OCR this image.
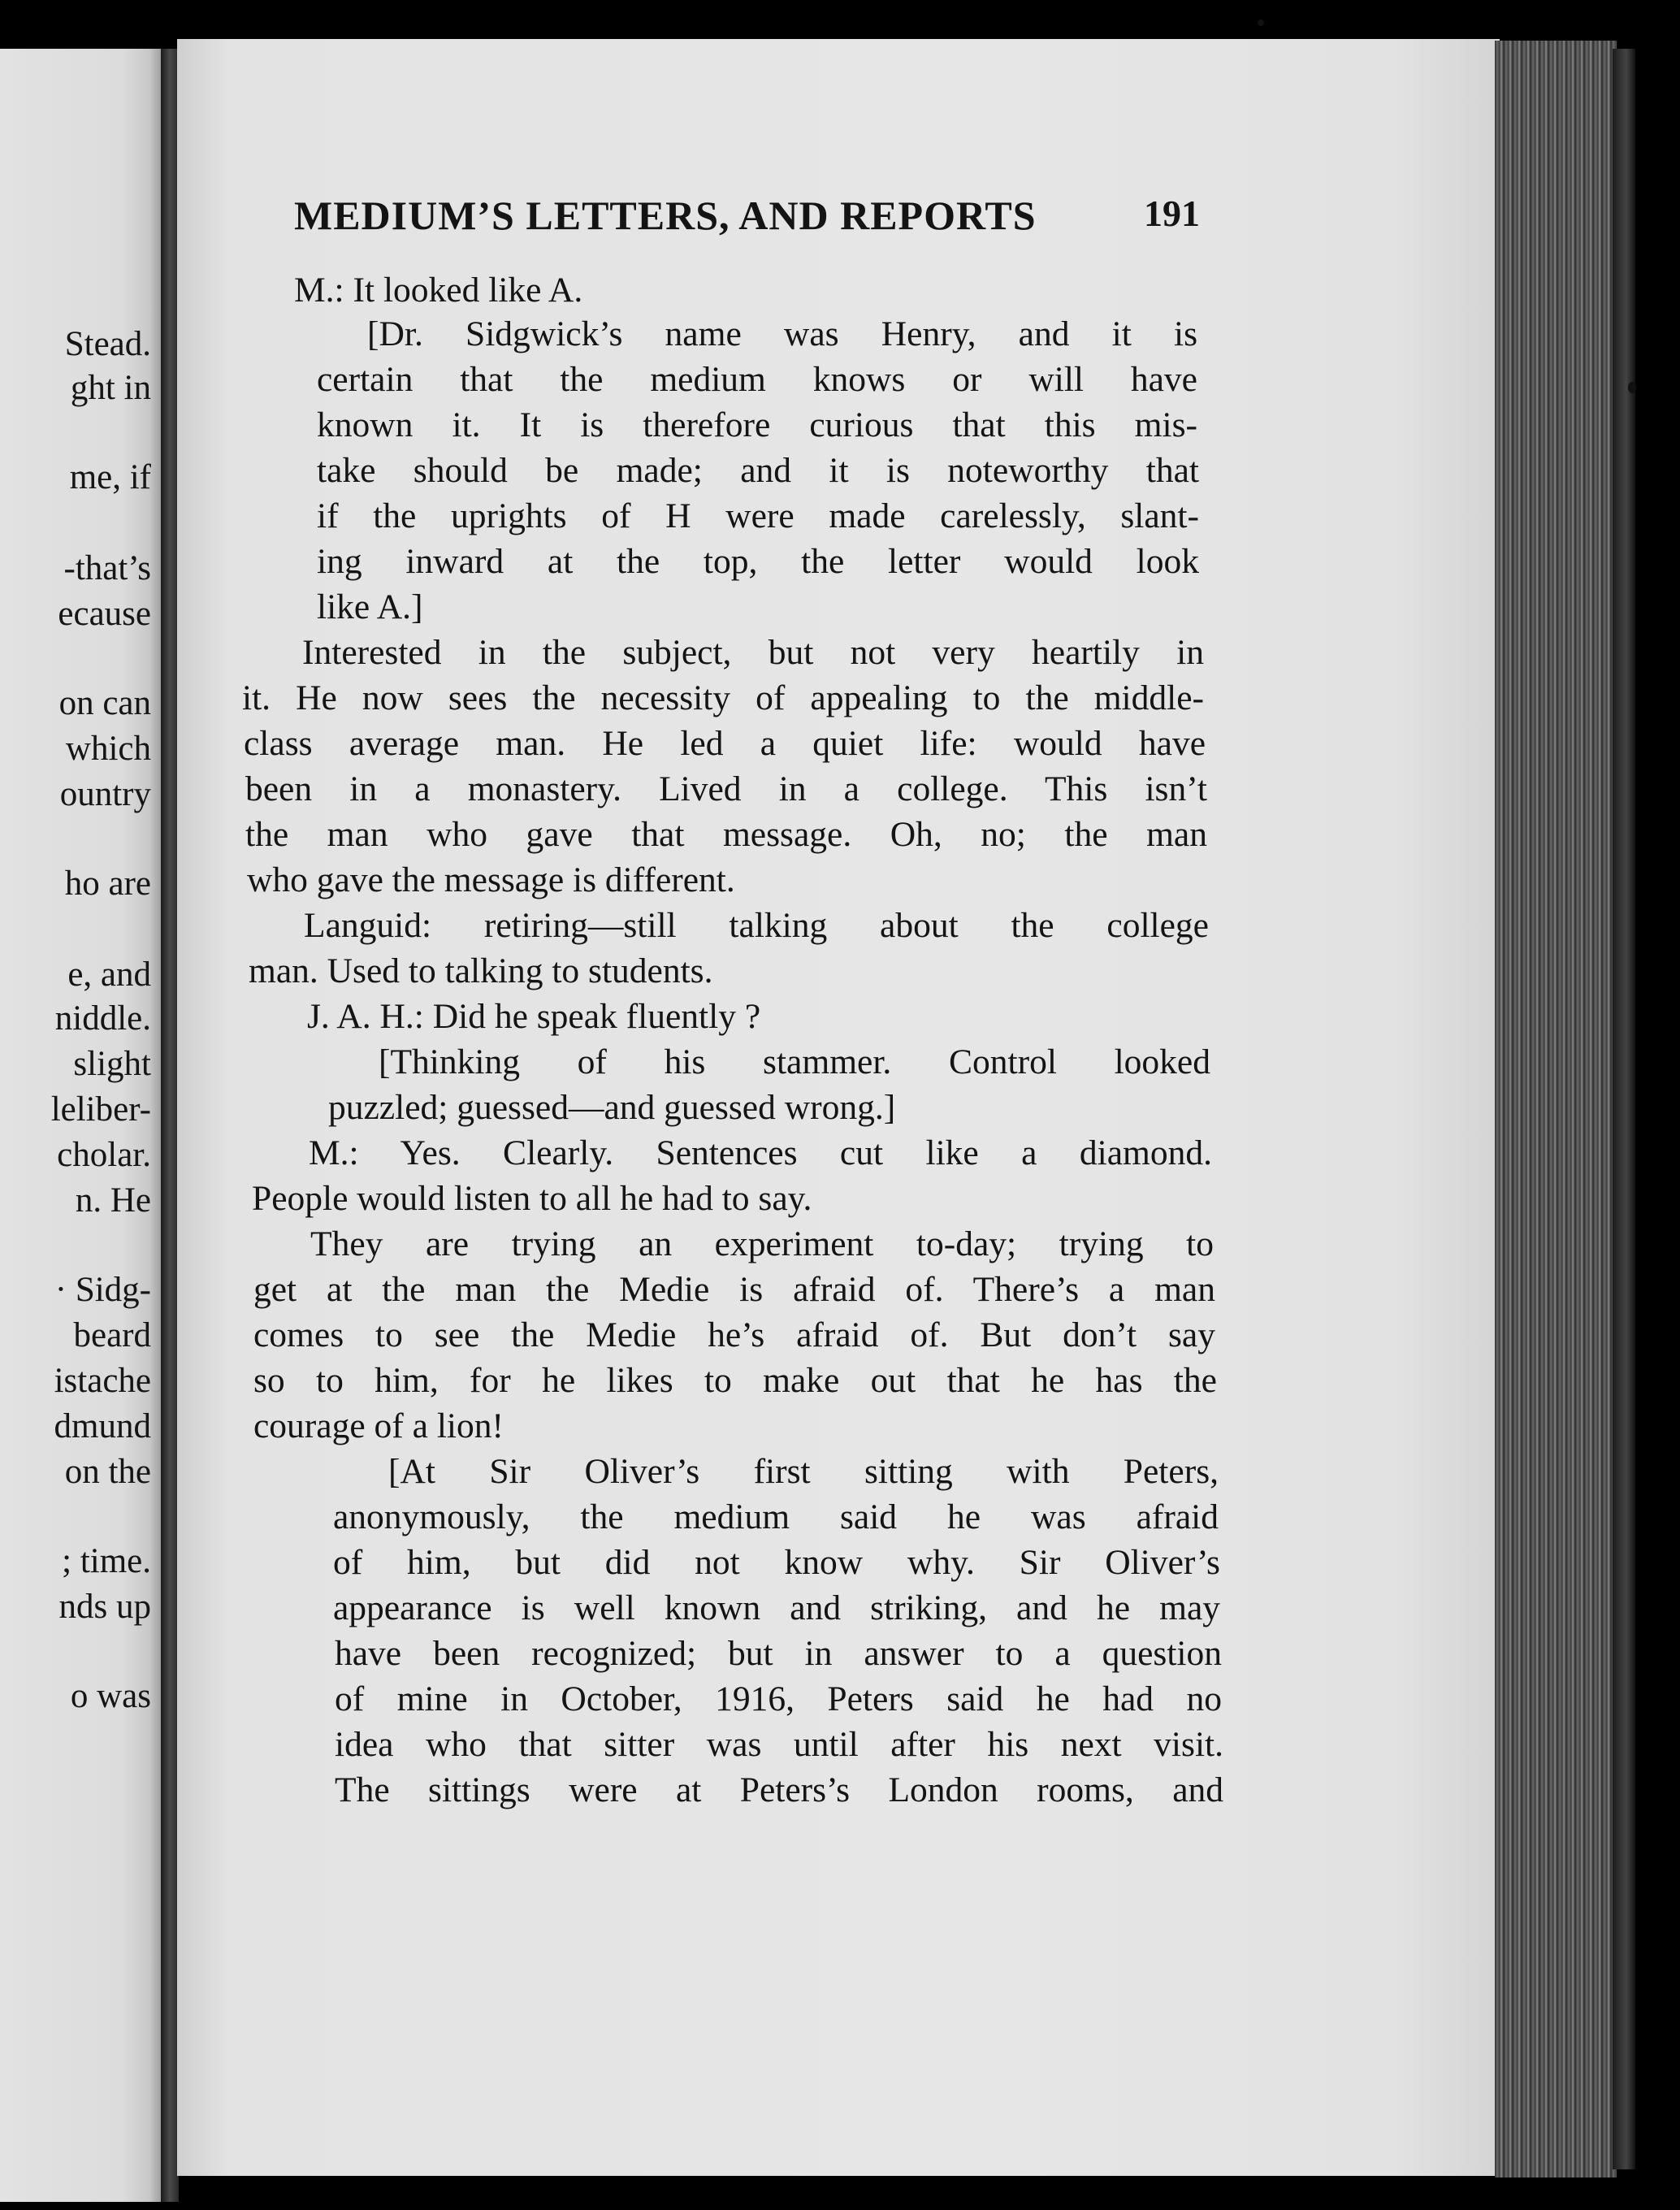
Stead.
ght in
me, if
-that’s
ecause
on can
which
ountry
ho are
e, and
niddle.
slight
leliber-
cholar.
n. He
· Sidg-
beard
istache
dmund
on the
; time.
nds up
o was
MEDIUM’S LETTERS, AND REPORTS	191
M.: It looked like A.
[Dr. Sidgwick’s name was Henry, and it is
certain that the medium knows or will have
known it. It is therefore curious that this mis-
take should be made; and it is noteworthy that
if the uprights of H were made carelessly, slant-
ing inward at the top, the letter would look
like A.]
Interested in the subject, but not very heartily in
it. He now sees the necessity of appealing to the middle-
class average man. He led a quiet life: would have
been in a monastery. Lived in a college. This isn’t
the man who gave that message. Oh, no; the man
who gave the message is different.
Languid: retiring—still talking about the college
man. Used to talking to students.
J. A. H.: Did he speak fluently ?
[Thinking of his stammer. Control looked
puzzled; guessed—and guessed wrong.]
M.: Yes. Clearly. Sentences cut like a diamond.
People would listen to all he had to say.
They are trying an experiment to-day; trying to
get at the man the Medie is afraid of. There’s a man
comes to see the Medie he’s afraid of. But don’t say
so to him, for he likes to make out that he has the
courage of a lion!
[At Sir Oliver’s first sitting with Peters,
anonymously, the medium said he was afraid
of him, but did not know why. Sir Oliver’s
appearance is well known and striking, and he may
have been recognized; but in answer to a question
of mine in October, 1916, Peters said he had no
idea who that sitter was until after his next visit.
The sittings were at Peters’s London rooms, and
